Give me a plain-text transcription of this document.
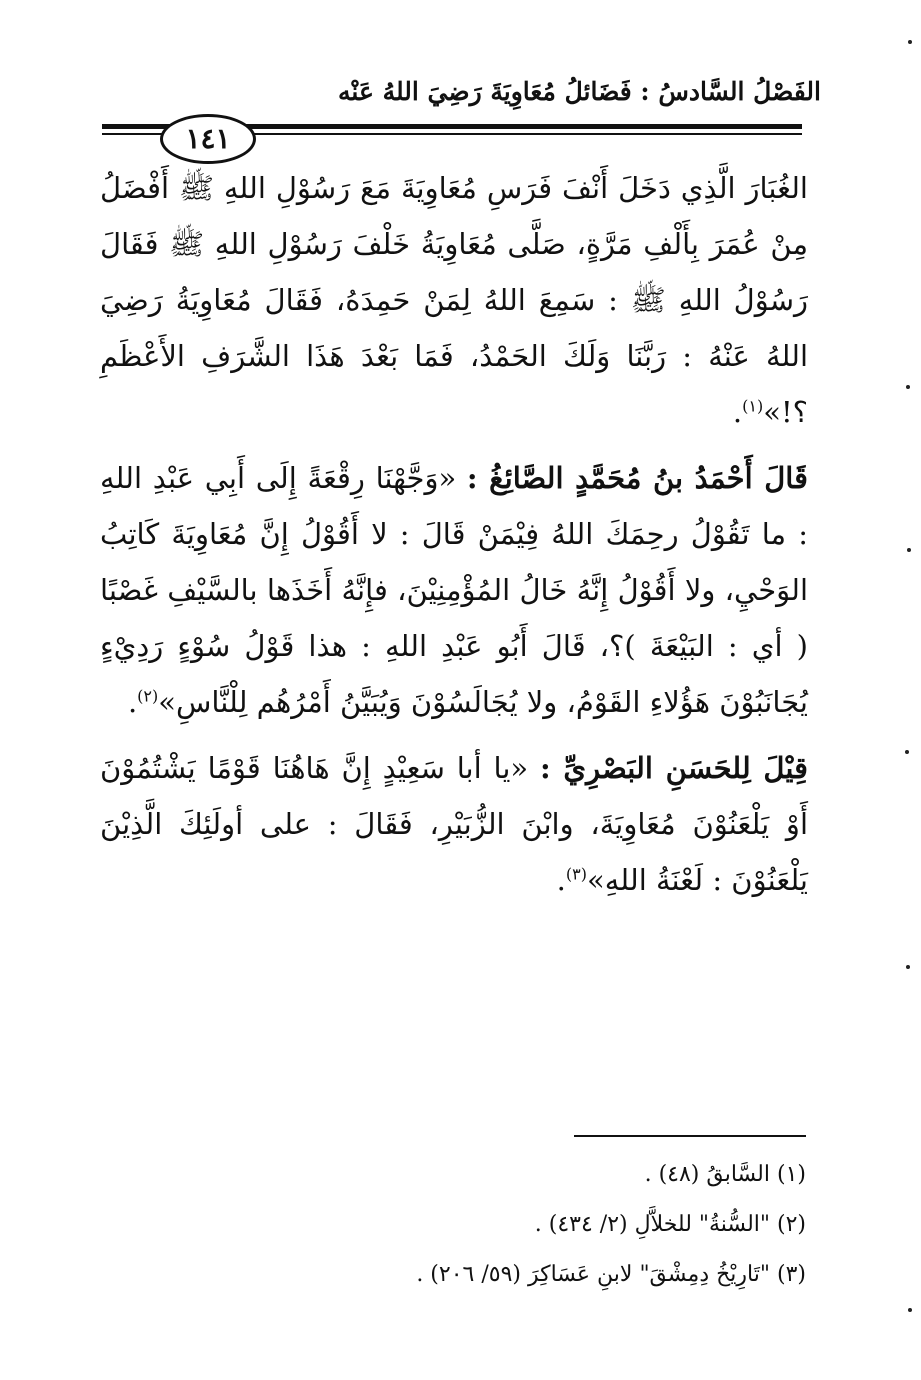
الفَصْلُ السَّادسُ : فَضَائلُ مُعَاوِيَةَ رَضِيَ اللهُ عَنْه
١٤١

الغُبَارَ الَّذِي دَخَلَ أَنْفَ فَرَسِ مُعَاوِيَةَ مَعَ رَسُوْلِ اللهِ ﷺ أَفْضَلُ مِنْ عُمَرَ بِأَلْفِ مَرَّةٍ، صَلَّى مُعَاوِيَةُ خَلْفَ رَسُوْلِ اللهِ ﷺ فَقَالَ رَسُوْلُ اللهِ ﷺ : سَمِعَ اللهُ لِمَنْ حَمِدَهُ، فَقَالَ مُعَاوِيَةُ رَضِيَ اللهُ عَنْهُ : رَبَّنَا وَلَكَ الحَمْدُ، فَمَا بَعْدَ هَذَا الشَّرَفِ الأَعْظَمِ ؟!»$^{(١)}$.

قَالَ أَحْمَدُ بنُ مُحَمَّدٍ الصَّائِغُ : «وَجَّهْنَا رِقْعَةً إِلَى أَبِي عَبْدِ اللهِ : ما تَقُوْلُ رحِمَكَ اللهُ فِيْمَنْ قَالَ : لا أَقُوْلُ إِنَّ مُعَاوِيَةَ كَاتِبُ الوَحْيِ، ولا أَقُوْلُ إِنَّهُ خَالُ المُؤْمِنِيْنَ، فإِنَّهُ أَخَذَها بالسَّيْفِ غَصْبًا ( أي : البَيْعَةَ )؟، قَالَ أَبُو عَبْدِ اللهِ : هذا قَوْلُ سُوْءٍ رَدِيْءٍ يُجَانَبُوْنَ هَؤُلاءِ القَوْمُ، ولا يُجَالَسُوْنَ وَيُبَيَّنُ أَمْرُهُم لِلْنَّاسِ»$^{(٢)}$.

قِيْلَ لِلحَسَنِ البَصْرِيِّ : «يا أبا سَعِيْدٍ إِنَّ هَاهُنَا قَوْمًا يَشْتُمُوْنَ أَوْ يَلْعَنُوْنَ مُعَاوِيَةَ، وابْنَ الزُّبَيْرِ، فَقَالَ : على أولَئِكَ الَّذِيْنَ يَلْعَنُوْنَ : لَعْنَةُ اللهِ»$^{(٣)}$.

(١) السَّابقُ (٤٨) .

(٢) "السُّنةُ" للخلاَّلِ (٢/ ٤٣٤) .

(٣) "تَارِيْخُ دِمِشْقَ" لابنِ عَسَاكِرَ (٥٩/ ٢٠٦) .
